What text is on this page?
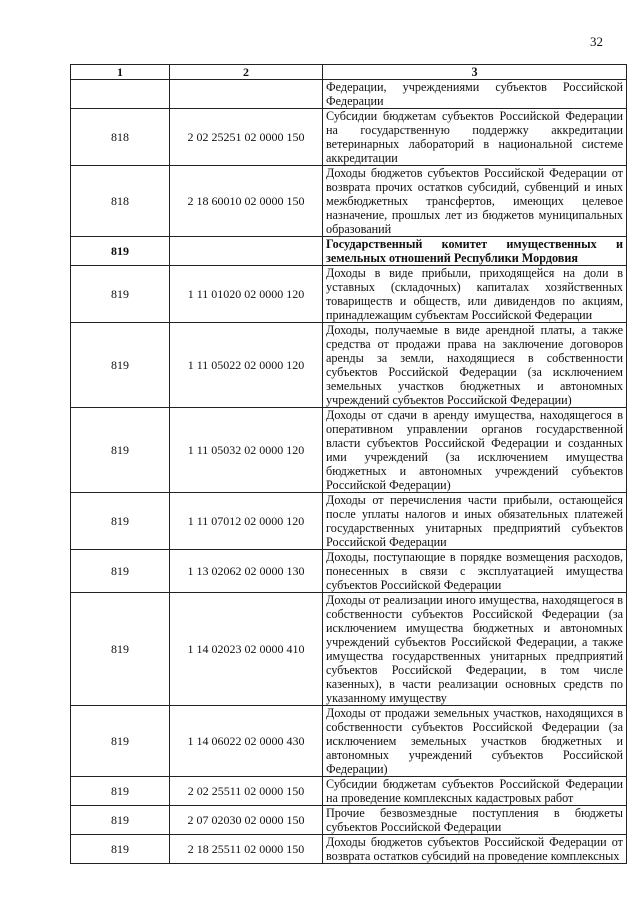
32
1	2	3
		Федерации, учреждениями субъектов Российской Федерации
818	2 02 25251 02 0000 150	Субсидии бюджетам субъектов Российской Федерации на государственную поддержку аккредитации ветеринарных лабораторий в национальной системе аккредитации
818	2 18 60010 02 0000 150	Доходы бюджетов субъектов Российской Федерации от возврата прочих остатков субсидий, субвенций и иных межбюджетных трансфертов, имеющих целевое назначение, прошлых лет из бюджетов муниципальных образований
819		Государственный комитет имущественных и земельных отношений Республики Мордовия
819	1 11 01020 02 0000 120	Доходы в виде прибыли, приходящейся на доли в уставных (складочных) капиталах хозяйственных товариществ и обществ, или дивидендов по акциям, принадлежащим субъектам Российской Федерации
819	1 11 05022 02 0000 120	Доходы, получаемые в виде арендной платы, а также средства от продажи права на заключение договоров аренды за земли, находящиеся в собственности субъектов Российской Федерации (за исключением земельных участков бюджетных и автономных учреждений субъектов Российской Федерации)
819	1 11 05032 02 0000 120	Доходы от сдачи в аренду имущества, находящегося в оперативном управлении органов государственной власти субъектов Российской Федерации и созданных ими учреждений (за исключением имущества бюджетных и автономных учреждений субъектов Российской Федерации)
819	1 11 07012 02 0000 120	Доходы от перечисления части прибыли, остающейся после уплаты налогов и иных обязательных платежей государственных унитарных предприятий субъектов Российской Федерации
819	1 13 02062 02 0000 130	Доходы, поступающие в порядке возмещения расходов, понесенных в связи с эксплуатацией имущества субъектов Российской Федерации
819	1 14 02023 02 0000 410	Доходы от реализации иного имущества, находящегося в собственности субъектов Российской Федерации (за исключением имущества бюджетных и автономных учреждений субъектов Российской Федерации, а также имущества государственных унитарных предприятий субъектов Российской Федерации, в том числе казенных), в части реализации основных средств по указанному имуществу
819	1 14 06022 02 0000 430	Доходы от продажи земельных участков, находящихся в собственности субъектов Российской Федерации (за исключением земельных участков бюджетных и автономных учреждений субъектов Российской Федерации)
819	2 02 25511 02 0000 150	Субсидии бюджетам субъектов Российской Федерации на проведение комплексных кадастровых работ
819	2 07 02030 02 0000 150	Прочие безвозмездные поступления в бюджеты субъектов Российской Федерации
819	2 18 25511 02 0000 150	Доходы бюджетов субъектов Российской Федерации от возврата остатков субсидий на проведение комплексных
